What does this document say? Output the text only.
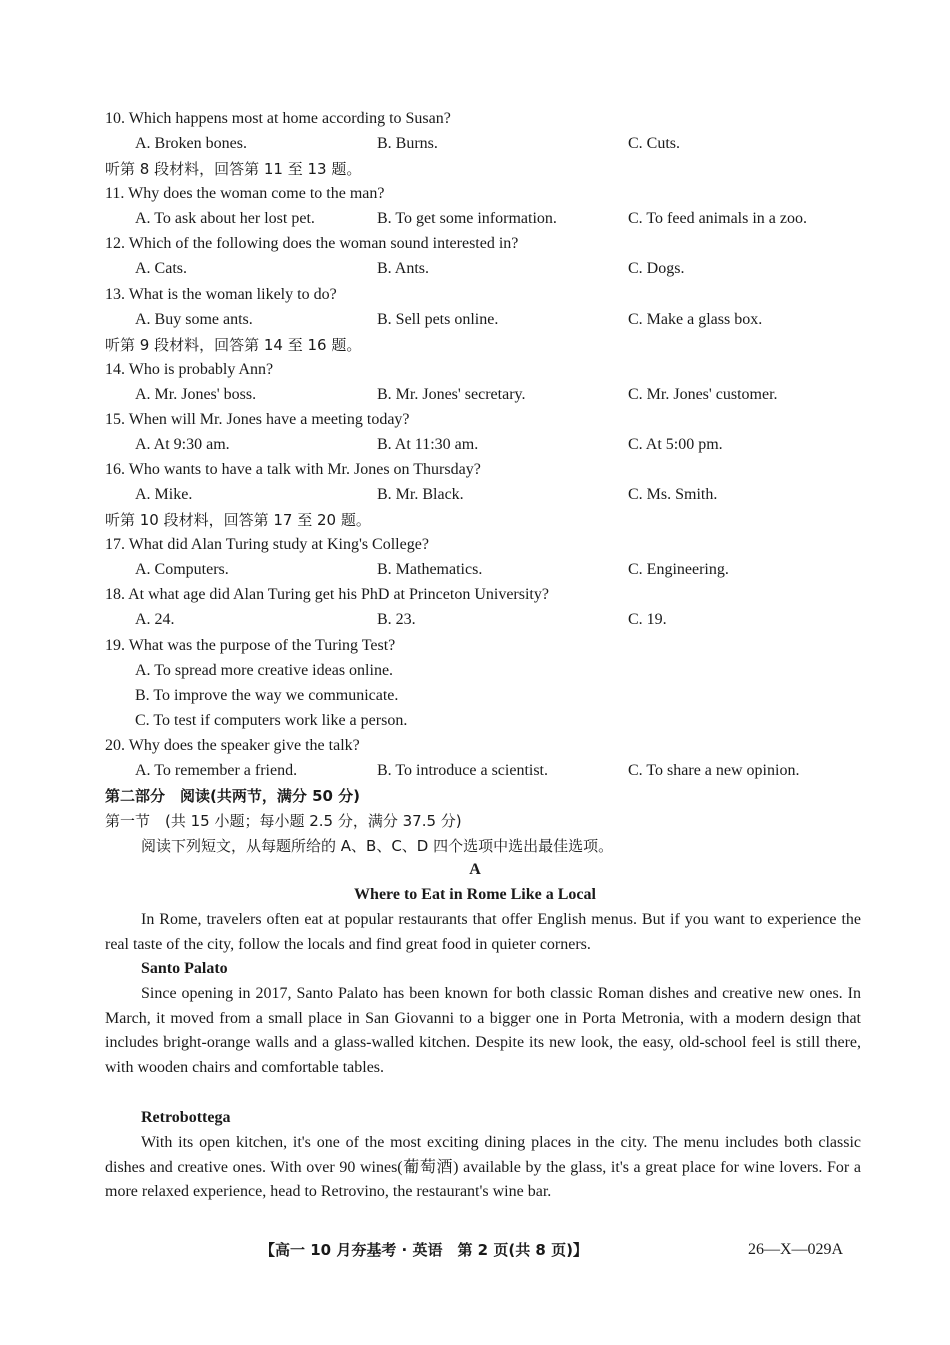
10. Which happens most at home according to Susan?
A. Broken bones.	B. Burns.	C. Cuts.
听第 8 段材料，回答第 11 至 13 题。
11. Why does the woman come to the man?
A. To ask about her lost pet.	B. To get some information.	C. To feed animals in a zoo.
12. Which of the following does the woman sound interested in?
A. Cats.	B. Ants.	C. Dogs.
13. What is the woman likely to do?
A. Buy some ants.	B. Sell pets online.	C. Make a glass box.
听第 9 段材料，回答第 14 至 16 题。
14. Who is probably Ann?
A. Mr. Jones' boss.	B. Mr. Jones' secretary.	C. Mr. Jones' customer.
15. When will Mr. Jones have a meeting today?
A. At 9:30 am.	B. At 11:30 am.	C. At 5:00 pm.
16. Who wants to have a talk with Mr. Jones on Thursday?
A. Mike.	B. Mr. Black.	C. Ms. Smith.
听第 10 段材料，回答第 17 至 20 题。
17. What did Alan Turing study at King's College?
A. Computers.	B. Mathematics.	C. Engineering.
18. At what age did Alan Turing get his PhD at Princeton University?
A. 24.	B. 23.	C. 19.
19. What was the purpose of the Turing Test?
A. To spread more creative ideas online.
B. To improve the way we communicate.
C. To test if computers work like a person.
20. Why does the speaker give the talk?
A. To remember a friend.	B. To introduce a scientist.	C. To share a new opinion.
第二部分　阅读(共两节，满分 50 分)
第一节　(共 15 小题；每小题 2.5 分，满分 37.5 分)
阅读下列短文，从每题所给的 A、B、C、D 四个选项中选出最佳选项。
A
Where to Eat in Rome Like a Local
In Rome, travelers often eat at popular restaurants that offer English menus. But if you want to experience the real taste of the city, follow the locals and find great food in quieter corners.
Santo Palato
Since opening in 2017, Santo Palato has been known for both classic Roman dishes and creative new ones. In March, it moved from a small place in San Giovanni to a bigger one in Porta Metronia, with a modern design that includes bright-orange walls and a glass-walled kitchen. Despite its new look, the easy, old-school feel is still there, with wooden chairs and comfortable tables.
Retrobottega
With its open kitchen, it's one of the most exciting dining places in the city. The menu includes both classic dishes and creative ones. With over 90 wines(葡萄酒) available by the glass, it's a great place for wine lovers. For a more relaxed experience, head to Retrovino, the restaurant's wine bar.
【高一 10 月夯基考 · 英语　第 2 页(共 8 页)】	26—X—029A
